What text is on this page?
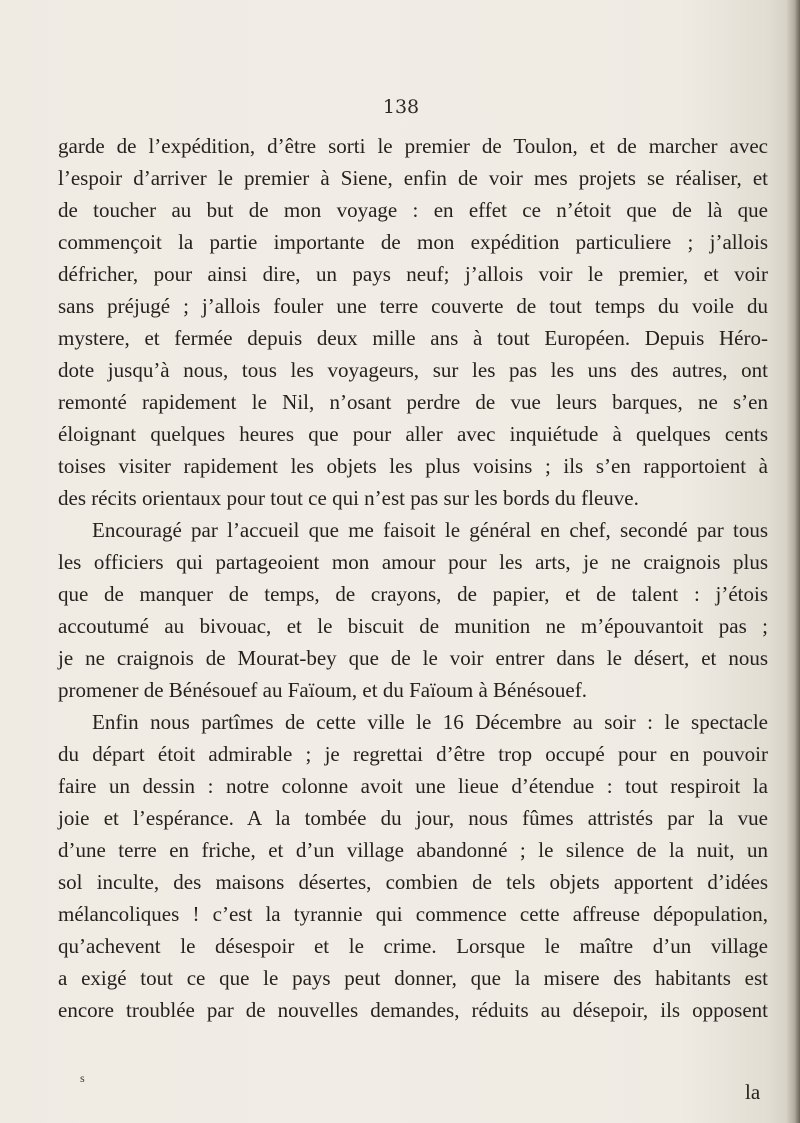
138
garde de l’expédition, d’être sorti le premier de Toulon, et de marcher avec
l’espoir d’arriver le premier à Siene, enfin de voir mes projets se réaliser, et
de toucher au but de mon voyage : en effet ce n’étoit que de là que
commençoit la partie importante de mon expédition particuliere ; j’allois
défricher, pour ainsi dire, un pays neuf; j’allois voir le premier, et voir
sans préjugé ; j’allois fouler une terre couverte de tout temps du voile du
mystere, et fermée depuis deux mille ans à tout Européen. Depuis Héro-
dote jusqu’à nous, tous les voyageurs, sur les pas les uns des autres, ont
remonté rapidement le Nil, n’osant perdre de vue leurs barques, ne s’en
éloignant quelques heures que pour aller avec inquiétude à quelques cents
toises visiter rapidement les objets les plus voisins ; ils s’en rapportoient à
des récits orientaux pour tout ce qui n’est pas sur les bords du fleuve.
Encouragé par l’accueil que me faisoit le général en chef, secondé par tous
les officiers qui partageoient mon amour pour les arts, je ne craignois plus
que de manquer de temps, de crayons, de papier, et de talent : j’étois
accoutumé au bivouac, et le biscuit de munition ne m’épouvantoit pas ;
je ne craignois de Mourat-bey que de le voir entrer dans le désert, et nous
promener de Bénésouef au Faïoum, et du Faïoum à Bénésouef.
Enfin nous partîmes de cette ville le 16 Décembre au soir : le spectacle
du départ étoit admirable ; je regrettai d’être trop occupé pour en pouvoir
faire un dessin : notre colonne avoit une lieue d’étendue : tout respiroit la
joie et l’espérance. A la tombée du jour, nous fûmes attristés par la vue
d’une terre en friche, et d’un village abandonné ; le silence de la nuit, un
sol inculte, des maisons désertes, combien de tels objets apportent d’idées
mélancoliques ! c’est la tyrannie qui commence cette affreuse dépopulation,
qu’achevent le désespoir et le crime. Lorsque le maître d’un village
a exigé tout ce que le pays peut donner, que la misere des habitants est
encore troublée par de nouvelles demandes, réduits au désepoir, ils opposent
s
la
